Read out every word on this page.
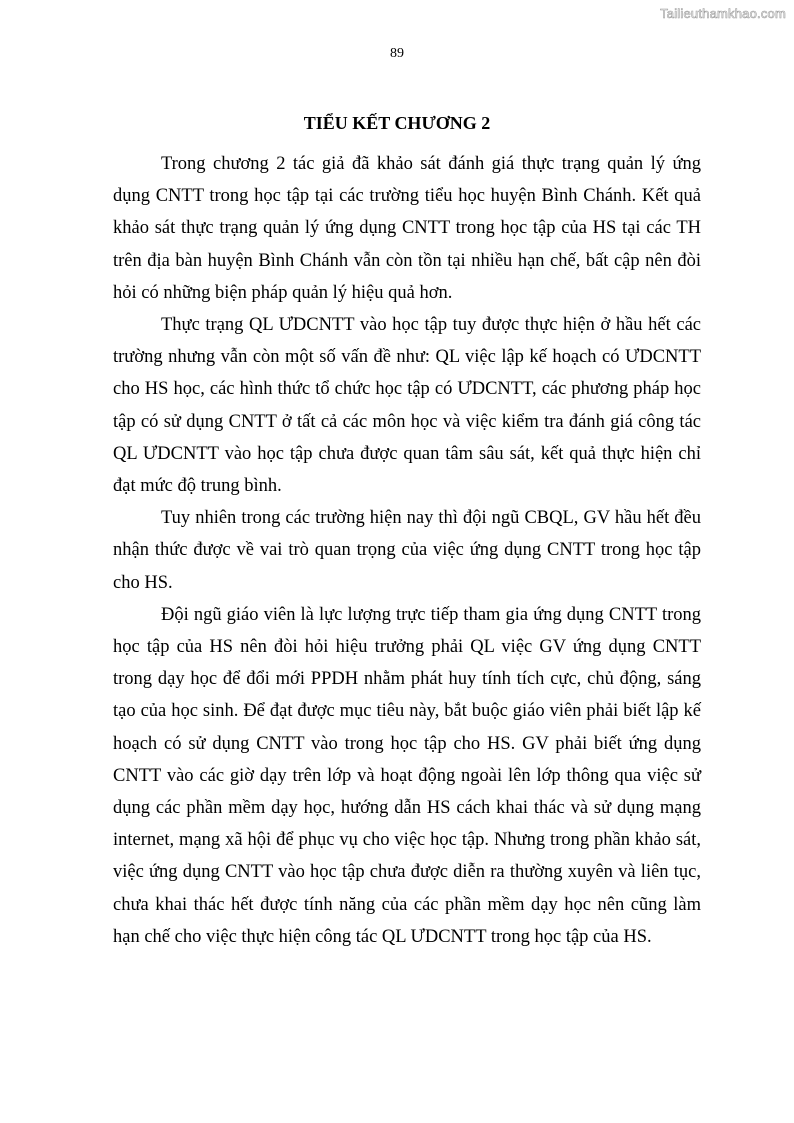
Tailieuthamkhao.com
89
TIỂU KẾT CHƯƠNG 2

Trong chương 2 tác giả đã khảo sát đánh giá thực trạng quản lý ứng dụng CNTT trong học tập tại các trường tiểu học huyện Bình Chánh. Kết quả khảo sát thực trạng quản lý ứng dụng CNTT trong học tập của HS tại các TH trên địa bàn huyện Bình Chánh vẫn còn tồn tại nhiều hạn chế, bất cập nên đòi hỏi có những biện pháp quản lý hiệu quả hơn.

Thực trạng QL ƯDCNTT vào học tập tuy được thực hiện ở hầu hết các trường nhưng vẫn còn một số vấn đề như: QL việc lập kế hoạch có ƯDCNTT cho HS học, các hình thức tổ chức học tập có ƯDCNTT, các phương pháp học tập có sử dụng CNTT ở tất cả các môn học và việc kiểm tra đánh giá công tác QL ƯDCNTT vào học tập chưa được quan tâm sâu sát, kết quả thực hiện chỉ đạt mức độ trung bình.

Tuy nhiên trong các trường hiện nay thì đội ngũ CBQL, GV hầu hết đều nhận thức được về vai trò quan trọng của việc ứng dụng CNTT trong học tập cho HS.

Đội ngũ giáo viên là lực lượng trực tiếp tham gia ứng dụng CNTT trong học tập của HS nên đòi hỏi hiệu trưởng phải QL việc GV ứng dụng CNTT trong dạy học để đổi mới PPDH nhằm phát huy tính tích cực, chủ động, sáng tạo của học sinh. Để đạt được mục tiêu này, bắt buộc giáo viên phải biết lập kế hoạch có sử dụng CNTT vào trong học tập cho HS. GV phải biết ứng dụng CNTT vào các giờ dạy trên lớp và hoạt động ngoài lên lớp thông qua việc sử dụng các phần mềm dạy học, hướng dẫn HS cách khai thác và sử dụng mạng internet, mạng xã hội để phục vụ cho việc học tập. Nhưng trong phần khảo sát, việc ứng dụng CNTT vào học tập chưa được diễn ra thường xuyên và liên tục, chưa khai thác hết được tính năng của các phần mềm dạy học nên cũng làm hạn chế cho việc thực hiện công tác QL ƯDCNTT trong học tập của HS.
